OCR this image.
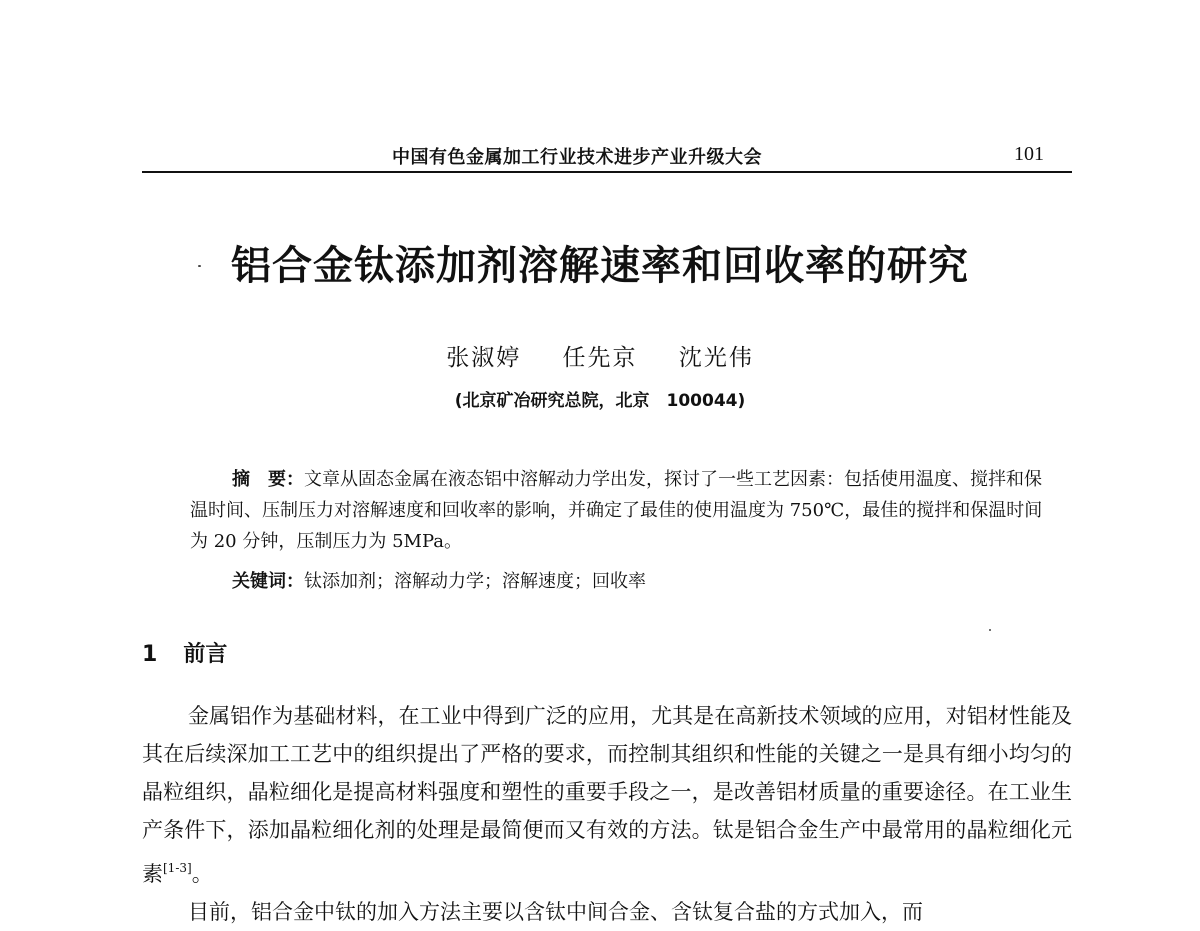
中国有色金属加工行业技术进步产业升级大会	101
铝合金钛添加剂溶解速率和回收率的研究
张淑婷 任先京 沈光伟
(北京矿冶研究总院，北京　100044)

摘　要：文章从固态金属在液态铝中溶解动力学出发，探讨了一些工艺因素：包括使用温度、搅拌和保温时间、压制压力对溶解速度和回收率的影响，并确定了最佳的使用温度为 750℃，最佳的搅拌和保温时间为 20 分钟，压制压力为 5MPa。

关键词：钛添加剂；溶解动力学；溶解速度；回收率

1 前言

金属铝作为基础材料，在工业中得到广泛的应用，尤其是在高新技术领域的应用，对铝材性能及其在后续深加工工艺中的组织提出了严格的要求，而控制其组织和性能的关键之一是具有细小均匀的晶粒组织，晶粒细化是提高材料强度和塑性的重要手段之一，是改善铝材质量的重要途径。在工业生产条件下，添加晶粒细化剂的处理是最简便而又有效的方法。钛是铝合金生产中最常用的晶粒细化元素[1-3]。

目前，铝合金中钛的加入方法主要以含钛中间合金、含钛复合盐的方式加入，而
